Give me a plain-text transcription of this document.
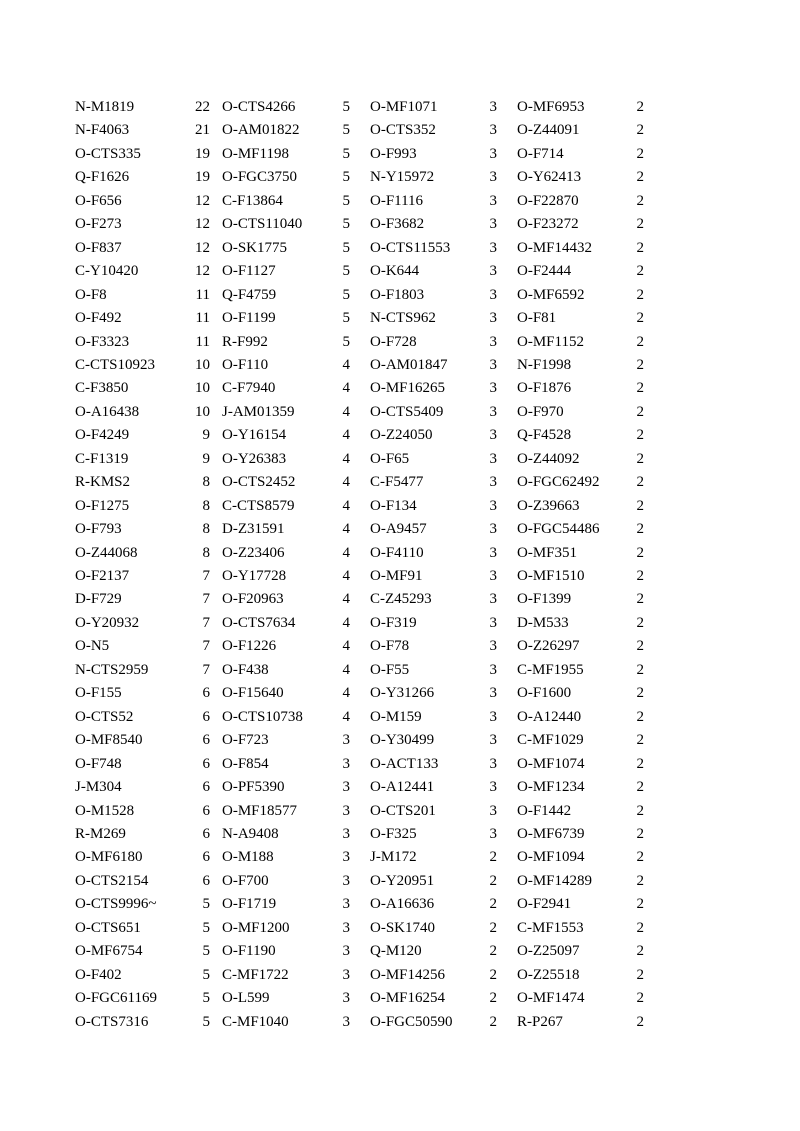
N-M1819	22 O-CTS4266	5 O-MF1071	3 O-MF6953	2
N-F4063	21 O-AM01822	5 O-CTS352	3 O-Z44091	2
O-CTS335	19 O-MF1198	5 O-F993	3 O-F714	2
Q-F1626	19 O-FGC3750	5 N-Y15972	3 O-Y62413	2
O-F656	12 C-F13864	5 O-F1116	3 O-F22870	2
O-F273	12 O-CTS11040	5 O-F3682	3 O-F23272	2
O-F837	12 O-SK1775	5 O-CTS11553	3 O-MF14432	2
C-Y10420	12 O-F1127	5 O-K644	3 O-F2444	2
O-F8	11 Q-F4759	5 O-F1803	3 O-MF6592	2
O-F492	11 O-F1199	5 N-CTS962	3 O-F81	2
O-F3323	11 R-F992	5 O-F728	3 O-MF1152	2
C-CTS10923	10 O-F110	4 O-AM01847	3 N-F1998	2
C-F3850	10 C-F7940	4 O-MF16265	3 O-F1876	2
O-A16438	10 J-AM01359	4 O-CTS5409	3 O-F970	2
O-F4249	9 O-Y16154	4 O-Z24050	3 Q-F4528	2
C-F1319	9 O-Y26383	4 O-F65	3 O-Z44092	2
R-KMS2	8 O-CTS2452	4 C-F5477	3 O-FGC62492	2
O-F1275	8 C-CTS8579	4 O-F134	3 O-Z39663	2
O-F793	8 D-Z31591	4 O-A9457	3 O-FGC54486	2
O-Z44068	8 O-Z23406	4 O-F4110	3 O-MF351	2
O-F2137	7 O-Y17728	4 O-MF91	3 O-MF1510	2
D-F729	7 O-F20963	4 C-Z45293	3 O-F1399	2
O-Y20932	7 O-CTS7634	4 O-F319	3 D-M533	2
O-N5	7 O-F1226	4 O-F78	3 O-Z26297	2
N-CTS2959	7 O-F438	4 O-F55	3 C-MF1955	2
O-F155	6 O-F15640	4 O-Y31266	3 O-F1600	2
O-CTS52	6 O-CTS10738	4 O-M159	3 O-A12440	2
O-MF8540	6 O-F723	3 O-Y30499	3 C-MF1029	2
O-F748	6 O-F854	3 O-ACT133	3 O-MF1074	2
J-M304	6 O-PF5390	3 O-A12441	3 O-MF1234	2
O-M1528	6 O-MF18577	3 O-CTS201	3 O-F1442	2
R-M269	6 N-A9408	3 O-F325	3 O-MF6739	2
O-MF6180	6 O-M188	3 J-M172	2 O-MF1094	2
O-CTS2154	6 O-F700	3 O-Y20951	2 O-MF14289	2
O-CTS9996~	5 O-F1719	3 O-A16636	2 O-F2941	2
O-CTS651	5 O-MF1200	3 O-SK1740	2 C-MF1553	2
O-MF6754	5 O-F1190	3 Q-M120	2 O-Z25097	2
O-F402	5 C-MF1722	3 O-MF14256	2 O-Z25518	2
O-FGC61169	5 O-L599	3 O-MF16254	2 O-MF1474	2
O-CTS7316	5 C-MF1040	3 O-FGC50590	2 R-P267	2
